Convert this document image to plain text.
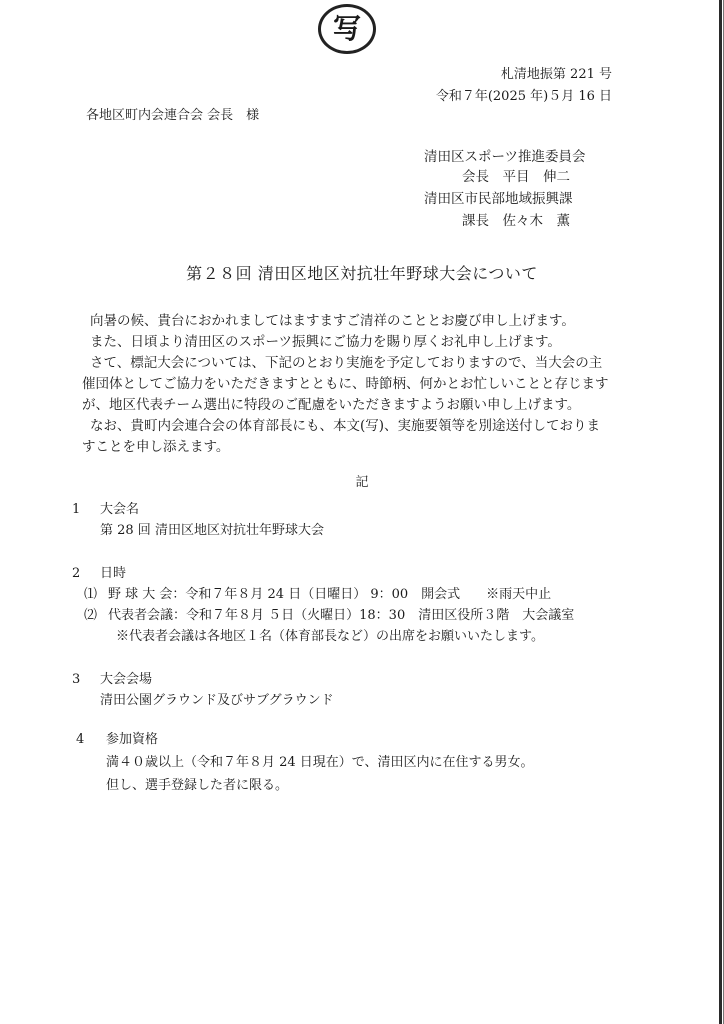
写
札清地振第 221 号
令和７年(2025 年)５月 16 日
各地区町内会連合会 会長　様
清田区スポーツ推進委員会
会長　平目　伸二
清田区市民部地域振興課
課長　佐々木　薫
第２８回 清田区地区対抗壮年野球大会について

向暑の候、貴台におかれましてはますますご清祥のこととお慶び申し上げます。

また、日頃より清田区のスポーツ振興にご協力を賜り厚くお礼申し上げます。

さて、標記大会については、下記のとおり実施を予定しておりますので、当大会の主

催団体としてご協力をいただきますとともに、時節柄、何かとお忙しいことと存じます

が、地区代表チーム選出に特段のご配慮をいただきますようお願い申し上げます。

なお、貴町内会連合会の体育部長にも、本文(写)、実施要領等を別途送付しておりま

すことを申し添えます。

記
1 大会名
第 28 回 清田区地区対抗壮年野球大会
2 日時
⑴ 野 球 大 会：令和７年８月 24 日（日曜日） 9：00　開会式　　※雨天中止
⑵ 代表者会議：令和７年８月 ５日（火曜日）18：30　清田区役所３階　大会議室
※代表者会議は各地区１名（体育部長など）の出席をお願いいたします。
3 大会会場
清田公園グラウンド及びサブグラウンド
4 参加資格
満４０歳以上（令和７年８月 24 日現在）で、清田区内に在住する男女。
但し、選手登録した者に限る。
